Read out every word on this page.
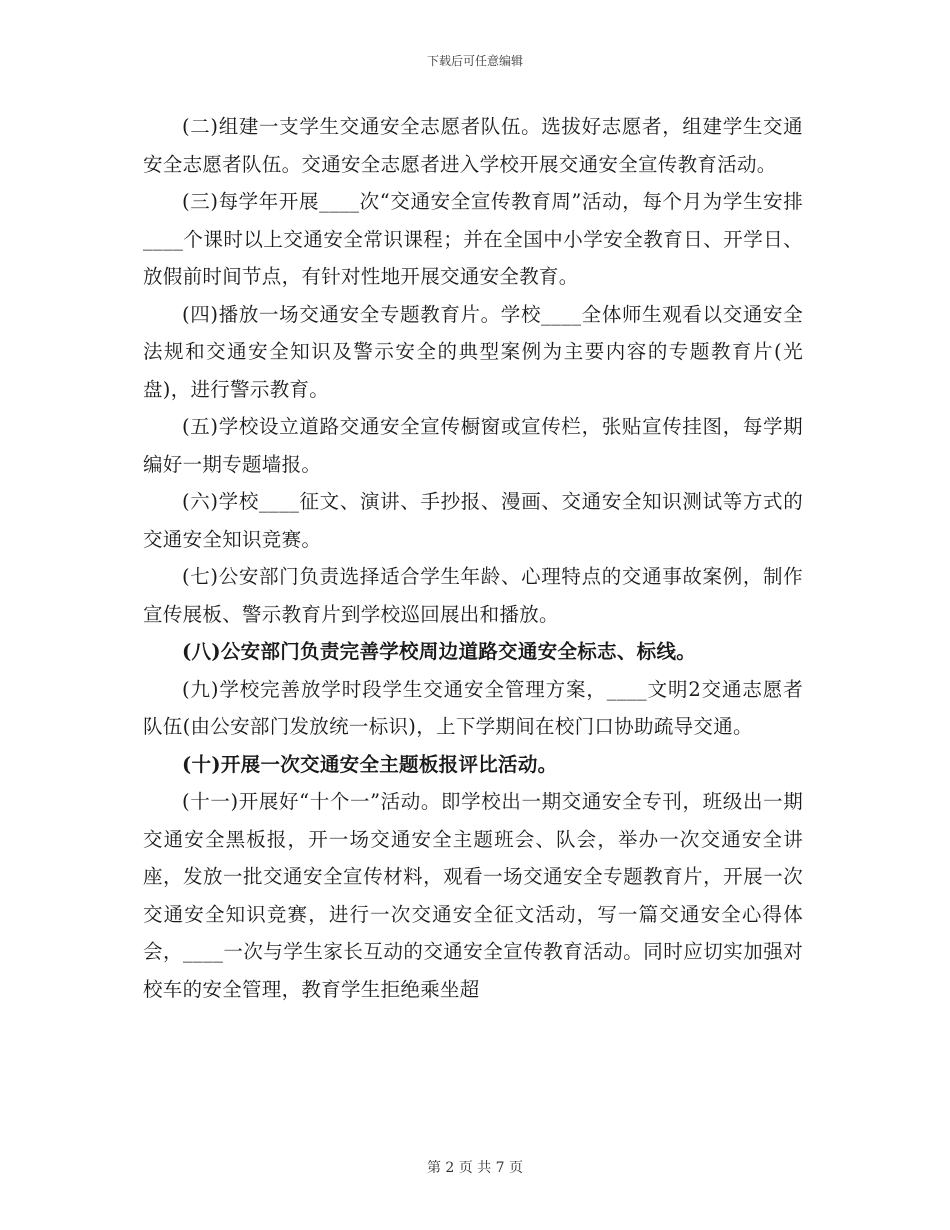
下载后可任意编辑

(二)组建一支学生交通安全志愿者队伍。选拔好志愿者，组建学生交通安全志愿者队伍。交通安全志愿者进入学校开展交通安全宣传教育活动。

(三)每学年开展____次“交通安全宣传教育周”活动，每个月为学生安排____个课时以上交通安全常识课程；并在全国中小学安全教育日、开学日、放假前时间节点，有针对性地开展交通安全教育。

(四)播放一场交通安全专题教育片。学校____全体师生观看以交通安全法规和交通安全知识及警示安全的典型案例为主要内容的专题教育片(光盘)，进行警示教育。

(五)学校设立道路交通安全宣传橱窗或宣传栏，张贴宣传挂图，每学期编好一期专题墙报。

(六)学校____征文、演讲、手抄报、漫画、交通安全知识测试等方式的交通安全知识竞赛。

(七)公安部门负责选择适合学生年龄、心理特点的交通事故案例，制作宣传展板、警示教育片到学校巡回展出和播放。

(八)公安部门负责完善学校周边道路交通安全标志、标线。

(九)学校完善放学时段学生交通安全管理方案，____文明2交通志愿者队伍(由公安部门发放统一标识)，上下学期间在校门口协助疏导交通。

(十)开展一次交通安全主题板报评比活动。

(十一)开展好“十个一”活动。即学校出一期交通安全专刊，班级出一期交通安全黑板报，开一场交通安全主题班会、队会，举办一次交通安全讲座，发放一批交通安全宣传材料，观看一场交通安全专题教育片，开展一次交通安全知识竞赛，进行一次交通安全征文活动，写一篇交通安全心得体会，____一次与学生家长互动的交通安全宣传教育活动。同时应切实加强对校车的安全管理，教育学生拒绝乘坐超

第 2 页 共 7 页
